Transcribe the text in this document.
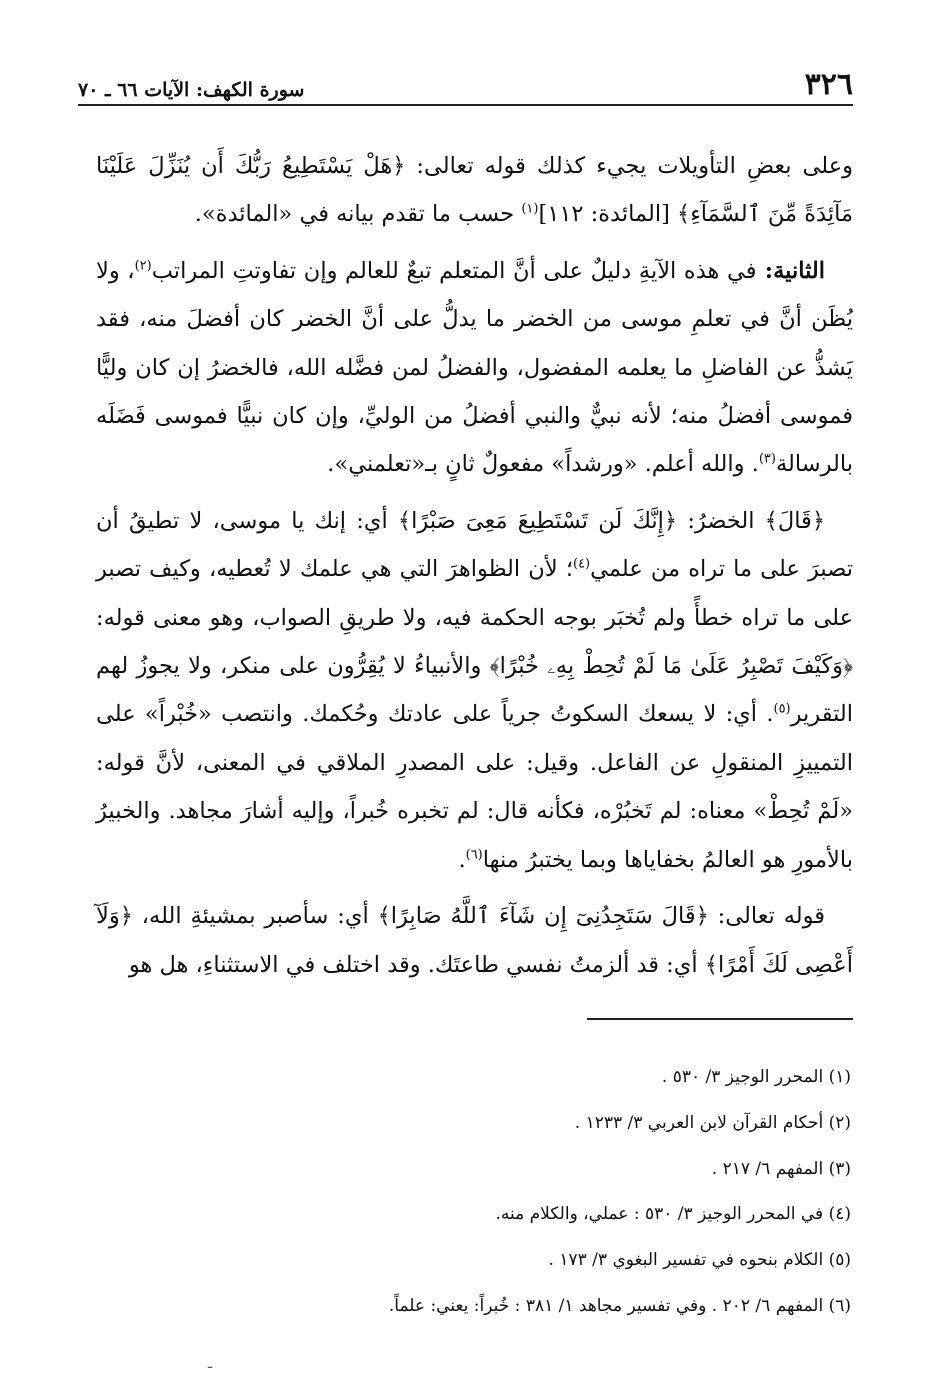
٣٢٦
سورة الكهف: الآيات ٦٦ ـ ٧٠

وعلى بعضِ التأويلات يجيء كذلك قوله تعالى: ﴿هَلْ يَسْتَطِيعُ رَبُّكَ أَن يُنَزِّلَ عَلَيْنَا مَآئِدَةً مِّنَ ٱلسَّمَآءِ﴾ [المائدة: ١١٢]$^{(١)}$ حسب ما تقدم بيانه في «المائدة».

الثانية: في هذه الآيةِ دليلٌ على أنَّ المتعلم تبعٌ للعالم وإن تفاوتتِ المراتب$^{(٢)}$، ولا يُظَن أنَّ في تعلمِ موسى من الخضر ما يدلُّ على أنَّ الخضر كان أفضلَ منه، فقد يَشذُّ عن الفاضلِ ما يعلمه المفضول، والفضلُ لمن فضَّله الله، فالخضرُ إن كان وليًّا فموسى أفضلُ منه؛ لأنه نبيٌّ والنبي أفضلُ من الوليِّ، وإن كان نبيًّا فموسى فَضَلَه بالرسالة$^{(٣)}$. والله أعلم. «ورشداً» مفعولٌ ثانٍ بـ«تعلمني».

﴿قَالَ﴾ الخضرُ: ﴿إِنَّكَ لَن تَسْتَطِيعَ مَعِىَ صَبْرًا﴾ أي: إنك يا موسى، لا تطيقُ أن تصبرَ على ما تراه من علمي$^{(٤)}$؛ لأن الظواهرَ التي هي علمك لا تُعطيه، وكيف تصبر على ما تراه خطأً ولم تُخبَر بوجه الحكمة فيه، ولا طريقِ الصواب، وهو معنى قوله: ﴿وَكَيْفَ تَصْبِرُ عَلَىٰ مَا لَمْ تُحِطْ بِهِۦ خُبْرًا﴾ والأنبياءُ لا يُقِرُّون على منكر، ولا يجوزُ لهم التقرير$^{(٥)}$. أي: لا يسعك السكوتُ جرياً على عادتك وحُكمك. وانتصب «خُبْراً» على التمييزِ المنقولِ عن الفاعل. وقيل: على المصدرِ الملاقي في المعنى، لأنَّ قوله: «لَمْ تُحِطْ» معناه: لم تَخبُرْه، فكأنه قال: لم تخبره خُبراً، وإليه أشارَ مجاهد. والخبيرُ بالأمورِ هو العالمُ بخفاياها وبما يختبرُ منها$^{(٦)}$.

قوله تعالى: ﴿قَالَ سَتَجِدُنِىٓ إِن شَآءَ ٱللَّهُ صَابِرًا﴾ أي: سأصبر بمشيئةِ الله، ﴿وَلَآ أَعْصِى لَكَ أَمْرًا﴾ أي: قد ألزمتُ نفسي طاعتَك. وقد اختلف في الاستثناءِ، هل هو

(١) المحرر الوجيز ٣/ ٥٣٠ .
(٢) أحكام القرآن لابن العربي ٣/ ١٢٣٣ .
(٣) المفهم ٦/ ٢١٧ .
(٤) في المحرر الوجيز ٣/ ٥٣٠ : عملي، والكلام منه.
(٥) الكلام بنحوه في تفسير البغوي ٣/ ١٧٣ .
(٦) المفهم ٦/ ٢٠٢ . وفي تفسير مجاهد ١/ ٣٨١ : خُبراً: يعني: علماً.
ـ
